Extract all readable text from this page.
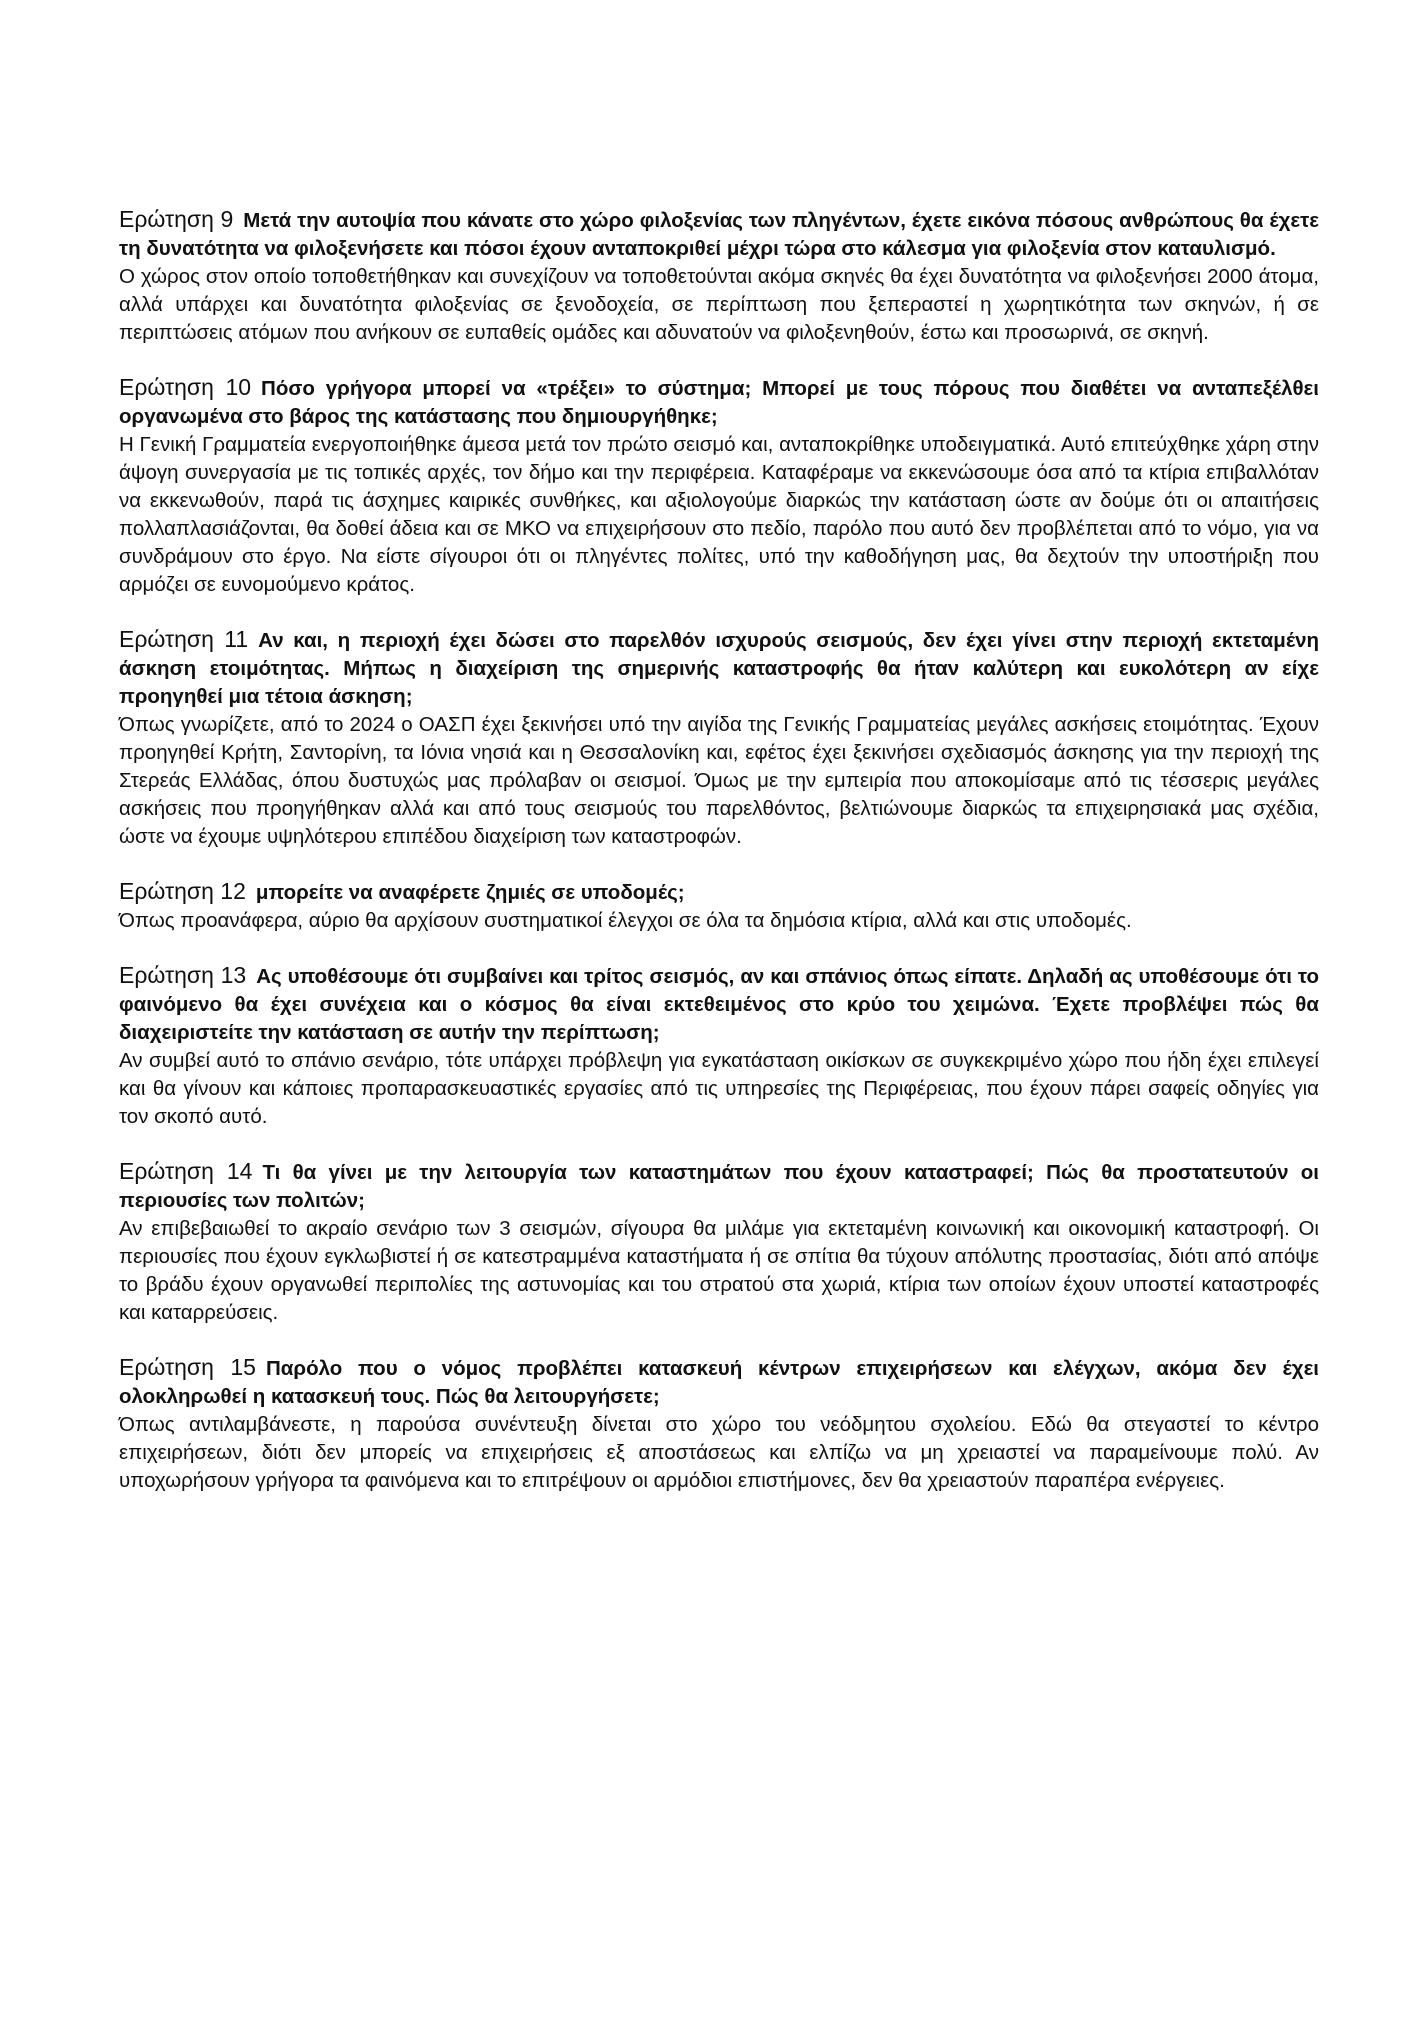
Ερώτηση 9 Μετά την αυτοψία που κάνατε στο χώρο φιλοξενίας των πληγέντων, έχετε εικόνα πόσους ανθρώπους θα έχετε τη δυνατότητα να φιλοξενήσετε και πόσοι έχουν ανταποκριθεί μέχρι τώρα στο κάλεσμα για φιλοξενία στον καταυλισμό.

Ο χώρος στον οποίο τοποθετήθηκαν και συνεχίζουν να τοποθετούνται ακόμα σκηνές θα έχει δυνατότητα να φιλοξενήσει 2000 άτομα, αλλά υπάρχει και δυνατότητα φιλοξενίας σε ξενοδοχεία, σε περίπτωση που ξεπεραστεί η χωρητικότητα των σκηνών, ή σε περιπτώσεις ατόμων που ανήκουν σε ευπαθείς ομάδες και αδυνατούν να φιλοξενηθούν, έστω και προσωρινά, σε σκηνή.

Ερώτηση 10 Πόσο γρήγορα μπορεί να «τρέξει» το σύστημα; Μπορεί με τους πόρους που διαθέτει να ανταπεξέλθει οργανωμένα στο βάρος της κατάστασης που δημιουργήθηκε;

Η Γενική Γραμματεία ενεργοποιήθηκε άμεσα μετά τον πρώτο σεισμό και, ανταποκρίθηκε υποδειγματικά. Αυτό επιτεύχθηκε χάρη στην άψογη συνεργασία με τις τοπικές αρχές, τον δήμο και την περιφέρεια. Καταφέραμε να εκκενώσουμε όσα από τα κτίρια επιβαλλόταν να εκκενωθούν, παρά τις άσχημες καιρικές συνθήκες, και αξιολογούμε διαρκώς την κατάσταση ώστε αν δούμε ότι οι απαιτήσεις πολλαπλασιάζονται, θα δοθεί άδεια και σε ΜΚΟ να επιχειρήσουν στο πεδίο, παρόλο που αυτό δεν προβλέπεται από το νόμο, για να συνδράμουν στο έργο. Να είστε σίγουροι ότι οι πληγέντες πολίτες, υπό την καθοδήγηση μας, θα δεχτούν την υποστήριξη που αρμόζει σε ευνομούμενο κράτος.

Ερώτηση 11 Αν και, η περιοχή έχει δώσει στο παρελθόν ισχυρούς σεισμούς, δεν έχει γίνει στην περιοχή εκτεταμένη άσκηση ετοιμότητας. Μήπως η διαχείριση της σημερινής καταστροφής θα ήταν καλύτερη και ευκολότερη αν είχε προηγηθεί μια τέτοια άσκηση;

Όπως γνωρίζετε, από το 2024 ο ΟΑΣΠ έχει ξεκινήσει υπό την αιγίδα της Γενικής Γραμματείας μεγάλες ασκήσεις ετοιμότητας. Έχουν προηγηθεί Κρήτη, Σαντορίνη, τα Ιόνια νησιά και η Θεσσαλονίκη και, εφέτος έχει ξεκινήσει σχεδιασμός άσκησης για την περιοχή της Στερεάς Ελλάδας, όπου δυστυχώς μας πρόλαβαν οι σεισμοί. Όμως με την εμπειρία που αποκομίσαμε από τις τέσσερις μεγάλες ασκήσεις που προηγήθηκαν αλλά και από τους σεισμούς του παρελθόντος, βελτιώνουμε διαρκώς τα επιχειρησιακά μας σχέδια, ώστε να έχουμε υψηλότερου επιπέδου διαχείριση των καταστροφών.

Ερώτηση 12 μπορείτε να αναφέρετε ζημιές σε υποδομές;

Όπως προανάφερα, αύριο θα αρχίσουν συστηματικοί έλεγχοι σε όλα τα δημόσια κτίρια, αλλά και στις υποδομές.

Ερώτηση 13 Ας υποθέσουμε ότι συμβαίνει και τρίτος σεισμός, αν και σπάνιος όπως είπατε. Δηλαδή ας υποθέσουμε ότι το φαινόμενο θα έχει συνέχεια και ο κόσμος θα είναι εκτεθειμένος στο κρύο του χειμώνα. Έχετε προβλέψει πώς θα διαχειριστείτε την κατάσταση σε αυτήν την περίπτωση;

Αν συμβεί αυτό το σπάνιο σενάριο, τότε υπάρχει πρόβλεψη για εγκατάσταση οικίσκων σε συγκεκριμένο χώρο που ήδη έχει επιλεγεί και θα γίνουν και κάποιες προπαρασκευαστικές εργασίες από τις υπηρεσίες της Περιφέρειας, που έχουν πάρει σαφείς οδηγίες για τον σκοπό αυτό.

Ερώτηση 14 Τι θα γίνει με την λειτουργία των καταστημάτων που έχουν καταστραφεί; Πώς θα προστατευτούν οι περιουσίες των πολιτών;

Αν επιβεβαιωθεί το ακραίο σενάριο των 3 σεισμών, σίγουρα θα μιλάμε για εκτεταμένη κοινωνική και οικονομική καταστροφή. Οι περιουσίες που έχουν εγκλωβιστεί ή σε κατεστραμμένα καταστήματα ή σε σπίτια θα τύχουν απόλυτης προστασίας, διότι από απόψε το βράδυ έχουν οργανωθεί περιπολίες της αστυνομίας και του στρατού στα χωριά, κτίρια των οποίων έχουν υποστεί καταστροφές και καταρρεύσεις.

Ερώτηση 15 Παρόλο που ο νόμος προβλέπει κατασκευή κέντρων επιχειρήσεων και ελέγχων, ακόμα δεν έχει ολοκληρωθεί η κατασκευή τους. Πώς θα λειτουργήσετε;

Όπως αντιλαμβάνεστε, η παρούσα συνέντευξη δίνεται στο χώρο του νεόδμητου σχολείου. Εδώ θα στεγαστεί το κέντρο επιχειρήσεων, διότι δεν μπορείς να επιχειρήσεις εξ αποστάσεως και ελπίζω να μη χρειαστεί να παραμείνουμε πολύ. Αν υποχωρήσουν γρήγορα τα φαινόμενα και το επιτρέψουν οι αρμόδιοι επιστήμονες, δεν θα χρειαστούν παραπέρα ενέργειες.
